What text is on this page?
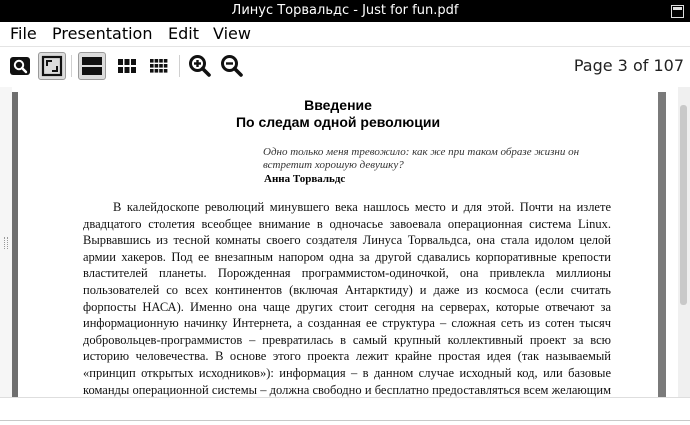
Линус Торвальдс - Just for fun.pdf
File Presentation Edit View
Page 3 of 107
Введение
По следам одной революции
Одно только меня тревожило: как же при таком образе жизни он
встретит хорошую девушку?
Анна Торвальдс

В калейдоскопе революций минувшего века нашлось место и для этой. Почти на излете двадцатого столетия всеобщее внимание в одночасье завоевала операционная система Linux. Вырвавшись из тесной комнаты своего создателя Линуса Торвальдса, она стала идолом целой армии хакеров. Под ее внезапным напором одна за другой сдавались корпоративные крепости властителей планеты. Порожденная программистом-одиночкой, она привлекла миллионы пользователей со всех континентов (включая Антарктиду) и даже из космоса (если считать форпосты НАСА). Именно она чаще других стоит сегодня на серверах, которые отвечают за информационную начинку Интернета, а созданная ее структура – сложная сеть из сотен тысяч добровольцев-программистов – превратилась в самый крупный коллективный проект за всю историю человечества. В основе этого проекта лежит крайне простая идея (так называемый «принцип открытых исходников»): информация – в данном случае исходный код, или базовые команды операционной системы – должна свободно и бесплатно предоставляться всем желающим
